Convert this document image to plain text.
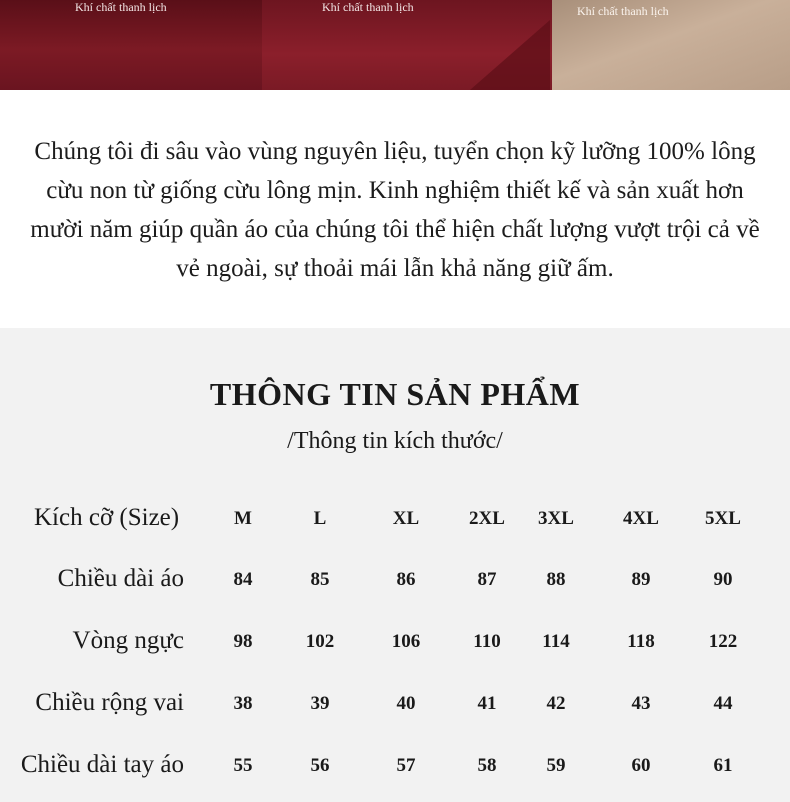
Khí chất thanh lịch	Khí chất thanh lịch	Khí chất thanh lịch

Chúng tôi đi sâu vào vùng nguyên liệu, tuyển chọn kỹ lưỡng 100% lông cừu non từ giống cừu lông mịn. Kinh nghiệm thiết kế và sản xuất hơn mười năm giúp quần áo của chúng tôi thể hiện chất lượng vượt trội cả về vẻ ngoài, sự thoải mái lẫn khả năng giữ ấm.

THÔNG TIN SẢN PHẨM
/Thông tin kích thước/
Kích cỡ (Size)	M	L	XL	2XL	3XL	4XL	5XL
Chiều dài áo	84	85	86	87	88	89	90
Vòng ngực	98	102	106	110	114	118	122
Chiều rộng vai	38	39	40	41	42	43	44
Chiều dài tay áo	55	56	57	58	59	60	61
